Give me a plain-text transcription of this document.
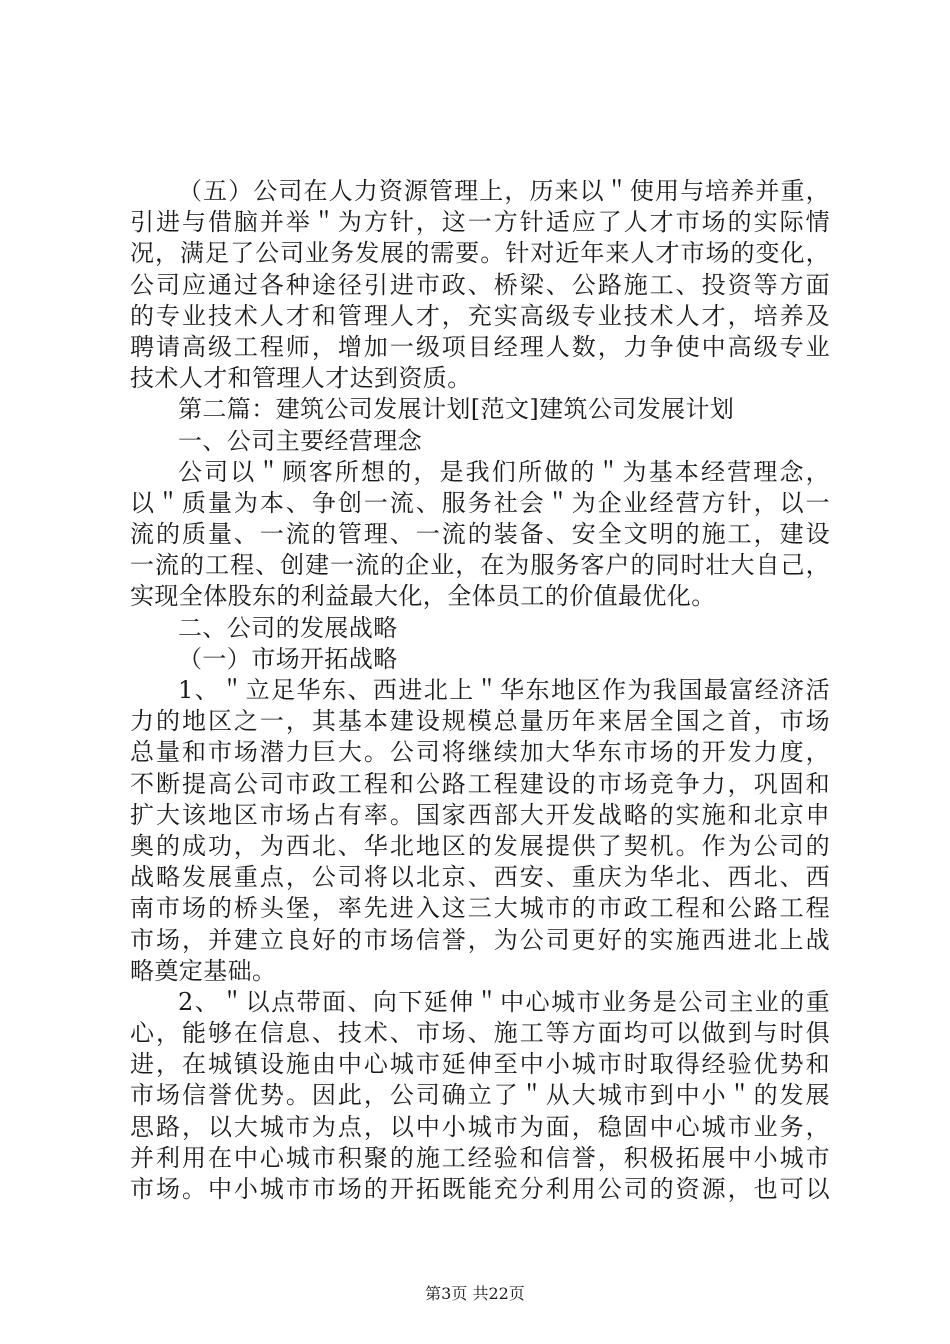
（五）公司在人力资源管理上，历来以＂使用与培养并重，
引进与借脑并举＂为方针，这一方针适应了人才市场的实际情
况，满足了公司业务发展的需要。针对近年来人才市场的变化，
公司应通过各种途径引进市政、桥梁、公路施工、投资等方面
的专业技术人才和管理人才，充实高级专业技术人才，培养及
聘请高级工程师，增加一级项目经理人数，力争使中高级专业
技术人才和管理人才达到资质。
第二篇：建筑公司发展计划[范文]建筑公司发展计划
一、公司主要经营理念
公司以＂顾客所想的，是我们所做的＂为基本经营理念，
以＂质量为本、争创一流、服务社会＂为企业经营方针，以一
流的质量、一流的管理、一流的装备、安全文明的施工，建设
一流的工程、创建一流的企业，在为服务客户的同时壮大自己，
实现全体股东的利益最大化，全体员工的价值最优化。
二、公司的发展战略
（一）市场开拓战略
1、＂立足华东、西进北上＂华东地区作为我国最富经济活
力的地区之一，其基本建设规模总量历年来居全国之首，市场
总量和市场潜力巨大。公司将继续加大华东市场的开发力度，
不断提高公司市政工程和公路工程建设的市场竞争力，巩固和
扩大该地区市场占有率。国家西部大开发战略的实施和北京申
奥的成功，为西北、华北地区的发展提供了契机。作为公司的
战略发展重点，公司将以北京、西安、重庆为华北、西北、西
南市场的桥头堡，率先进入这三大城市的市政工程和公路工程
市场，并建立良好的市场信誉，为公司更好的实施西进北上战
略奠定基础。
2、＂以点带面、向下延伸＂中心城市业务是公司主业的重
心，能够在信息、技术、市场、施工等方面均可以做到与时俱
进，在城镇设施由中心城市延伸至中小城市时取得经验优势和
市场信誉优势。因此，公司确立了＂从大城市到中小＂的发展
思路，以大城市为点，以中小城市为面，稳固中心城市业务，
并利用在中心城市积聚的施工经验和信誉，积极拓展中小城市
市场。中小城市市场的开拓既能充分利用公司的资源，也可以
第3页 共22页
